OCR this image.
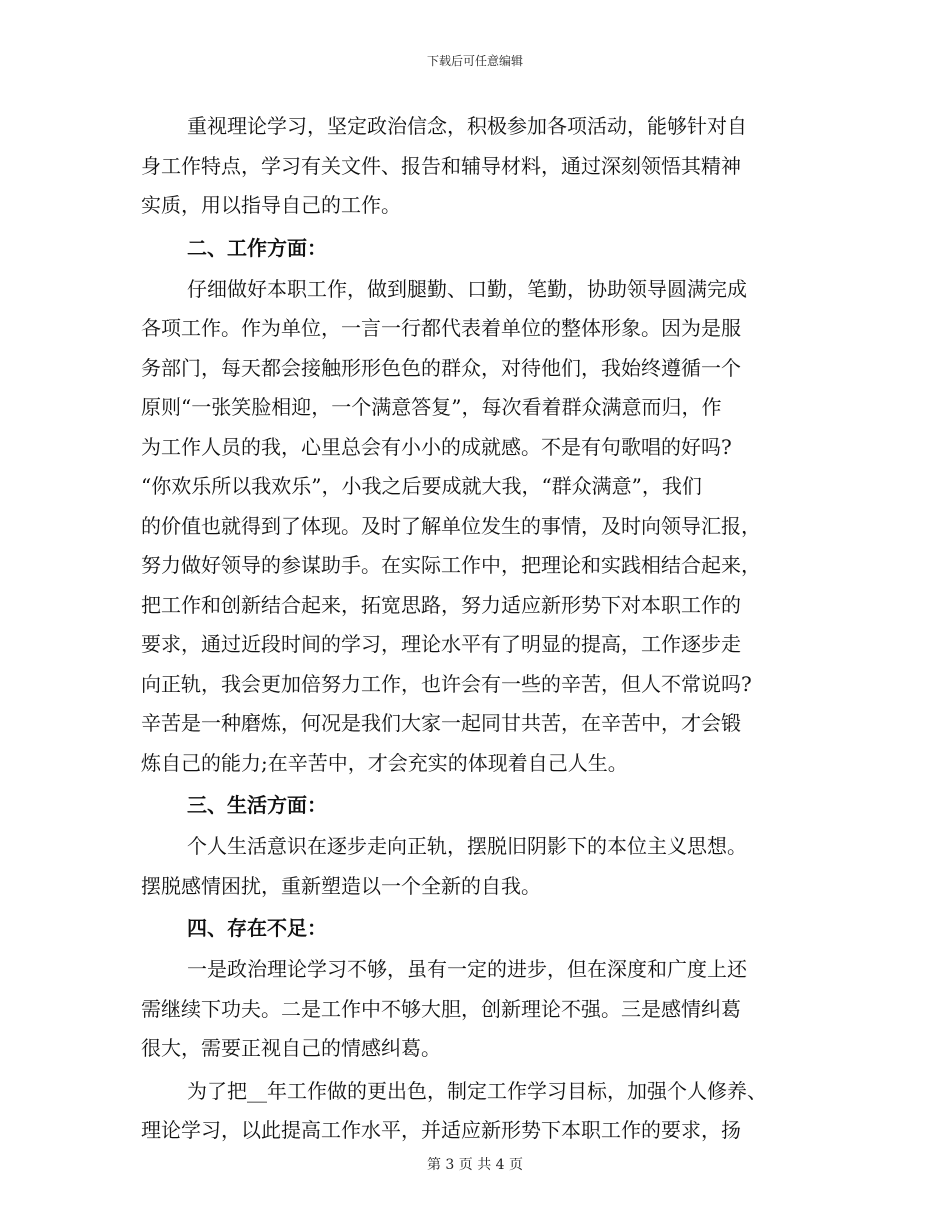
下载后可任意编辑
重视理论学习，坚定政治信念，积极参加各项活动，能够针对自
身工作特点，学习有关文件、报告和辅导材料，通过深刻领悟其精神
实质，用以指导自己的工作。
二、工作方面：
仔细做好本职工作，做到腿勤、口勤，笔勤，协助领导圆满完成
各项工作。作为单位，一言一行都代表着单位的整体形象。因为是服
务部门，每天都会接触形形色色的群众，对待他们，我始终遵循一个
原则“一张笑脸相迎，一个满意答复”，每次看着群众满意而归，作
为工作人员的我，心里总会有小小的成就感。不是有句歌唱的好吗?
“你欢乐所以我欢乐”，小我之后要成就大我，“群众满意”，我们
的价值也就得到了体现。及时了解单位发生的事情，及时向领导汇报，
努力做好领导的参谋助手。在实际工作中，把理论和实践相结合起来，
把工作和创新结合起来，拓宽思路，努力适应新形势下对本职工作的
要求，通过近段时间的学习，理论水平有了明显的提高，工作逐步走
向正轨，我会更加倍努力工作，也许会有一些的辛苦，但人不常说吗?
辛苦是一种磨炼，何况是我们大家一起同甘共苦，在辛苦中，才会锻
炼自己的能力;在辛苦中，才会充实的体现着自己人生。
三、生活方面：
个人生活意识在逐步走向正轨，摆脱旧阴影下的本位主义思想。
摆脱感情困扰，重新塑造以一个全新的自我。
四、存在不足：
一是政治理论学习不够，虽有一定的进步，但在深度和广度上还
需继续下功夫。二是工作中不够大胆，创新理论不强。三是感情纠葛
很大，需要正视自己的情感纠葛。
为了把__年工作做的更出色，制定工作学习目标，加强个人修养、
理论学习，以此提高工作水平，并适应新形势下本职工作的要求，扬
第 3 页 共 4 页
